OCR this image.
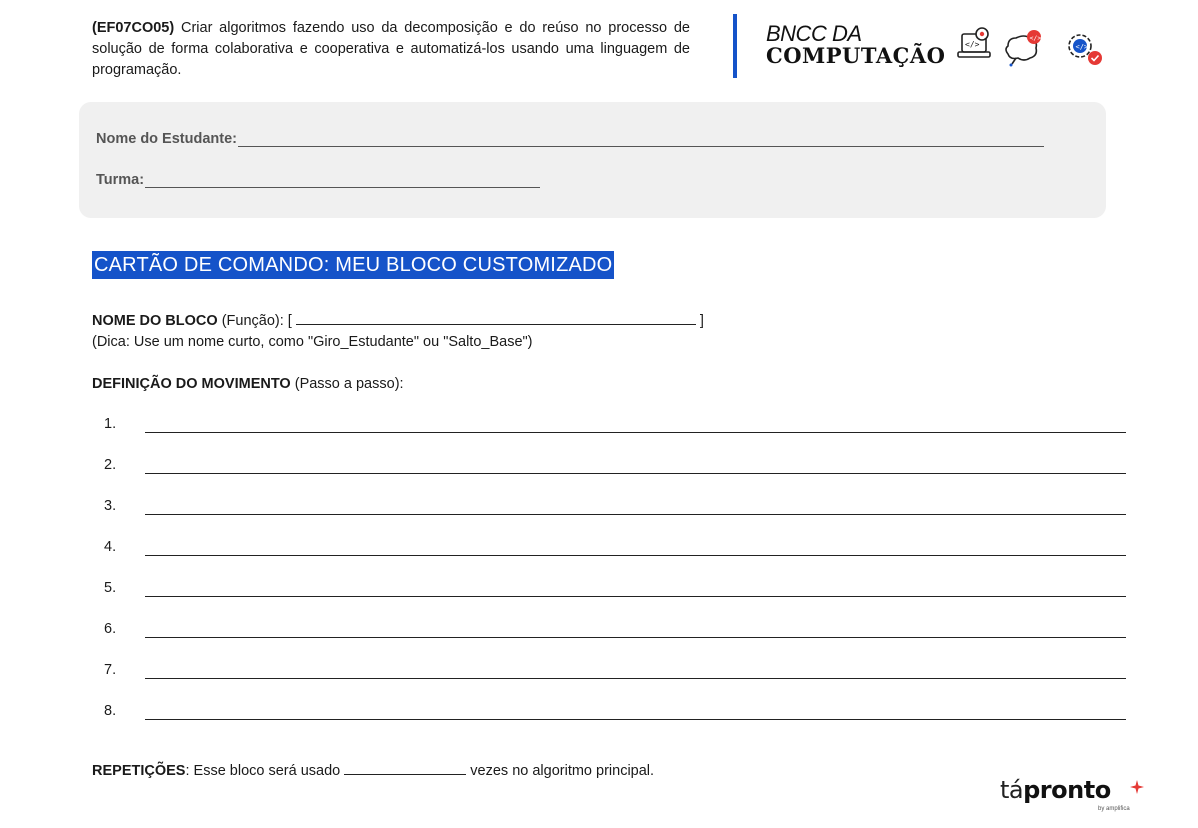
(EF07CO05) Criar algoritmos fazendo uso da decomposição e do reúso no processo de solução de forma colaborativa e cooperativa e automatizá-los usando uma linguagem de programação.
BNCC DA
COMPUTAÇÃO </>
</>
</>
Nome do Estudante:
Turma:
CARTÃO DE COMANDO: MEU BLOCO CUSTOMIZADO
NOME DO BLOCO (Função): [	]
(Dica: Use um nome curto, como "Giro_Estudante" ou "Salto_Base")
DEFINIÇÃO DO MOVIMENTO (Passo a passo):
1.
2.
3.
4.
5.
6.
7.
8.
REPETIÇÕES: Esse bloco será usado	vezes no algoritmo principal.
tápronto
by amplifica
